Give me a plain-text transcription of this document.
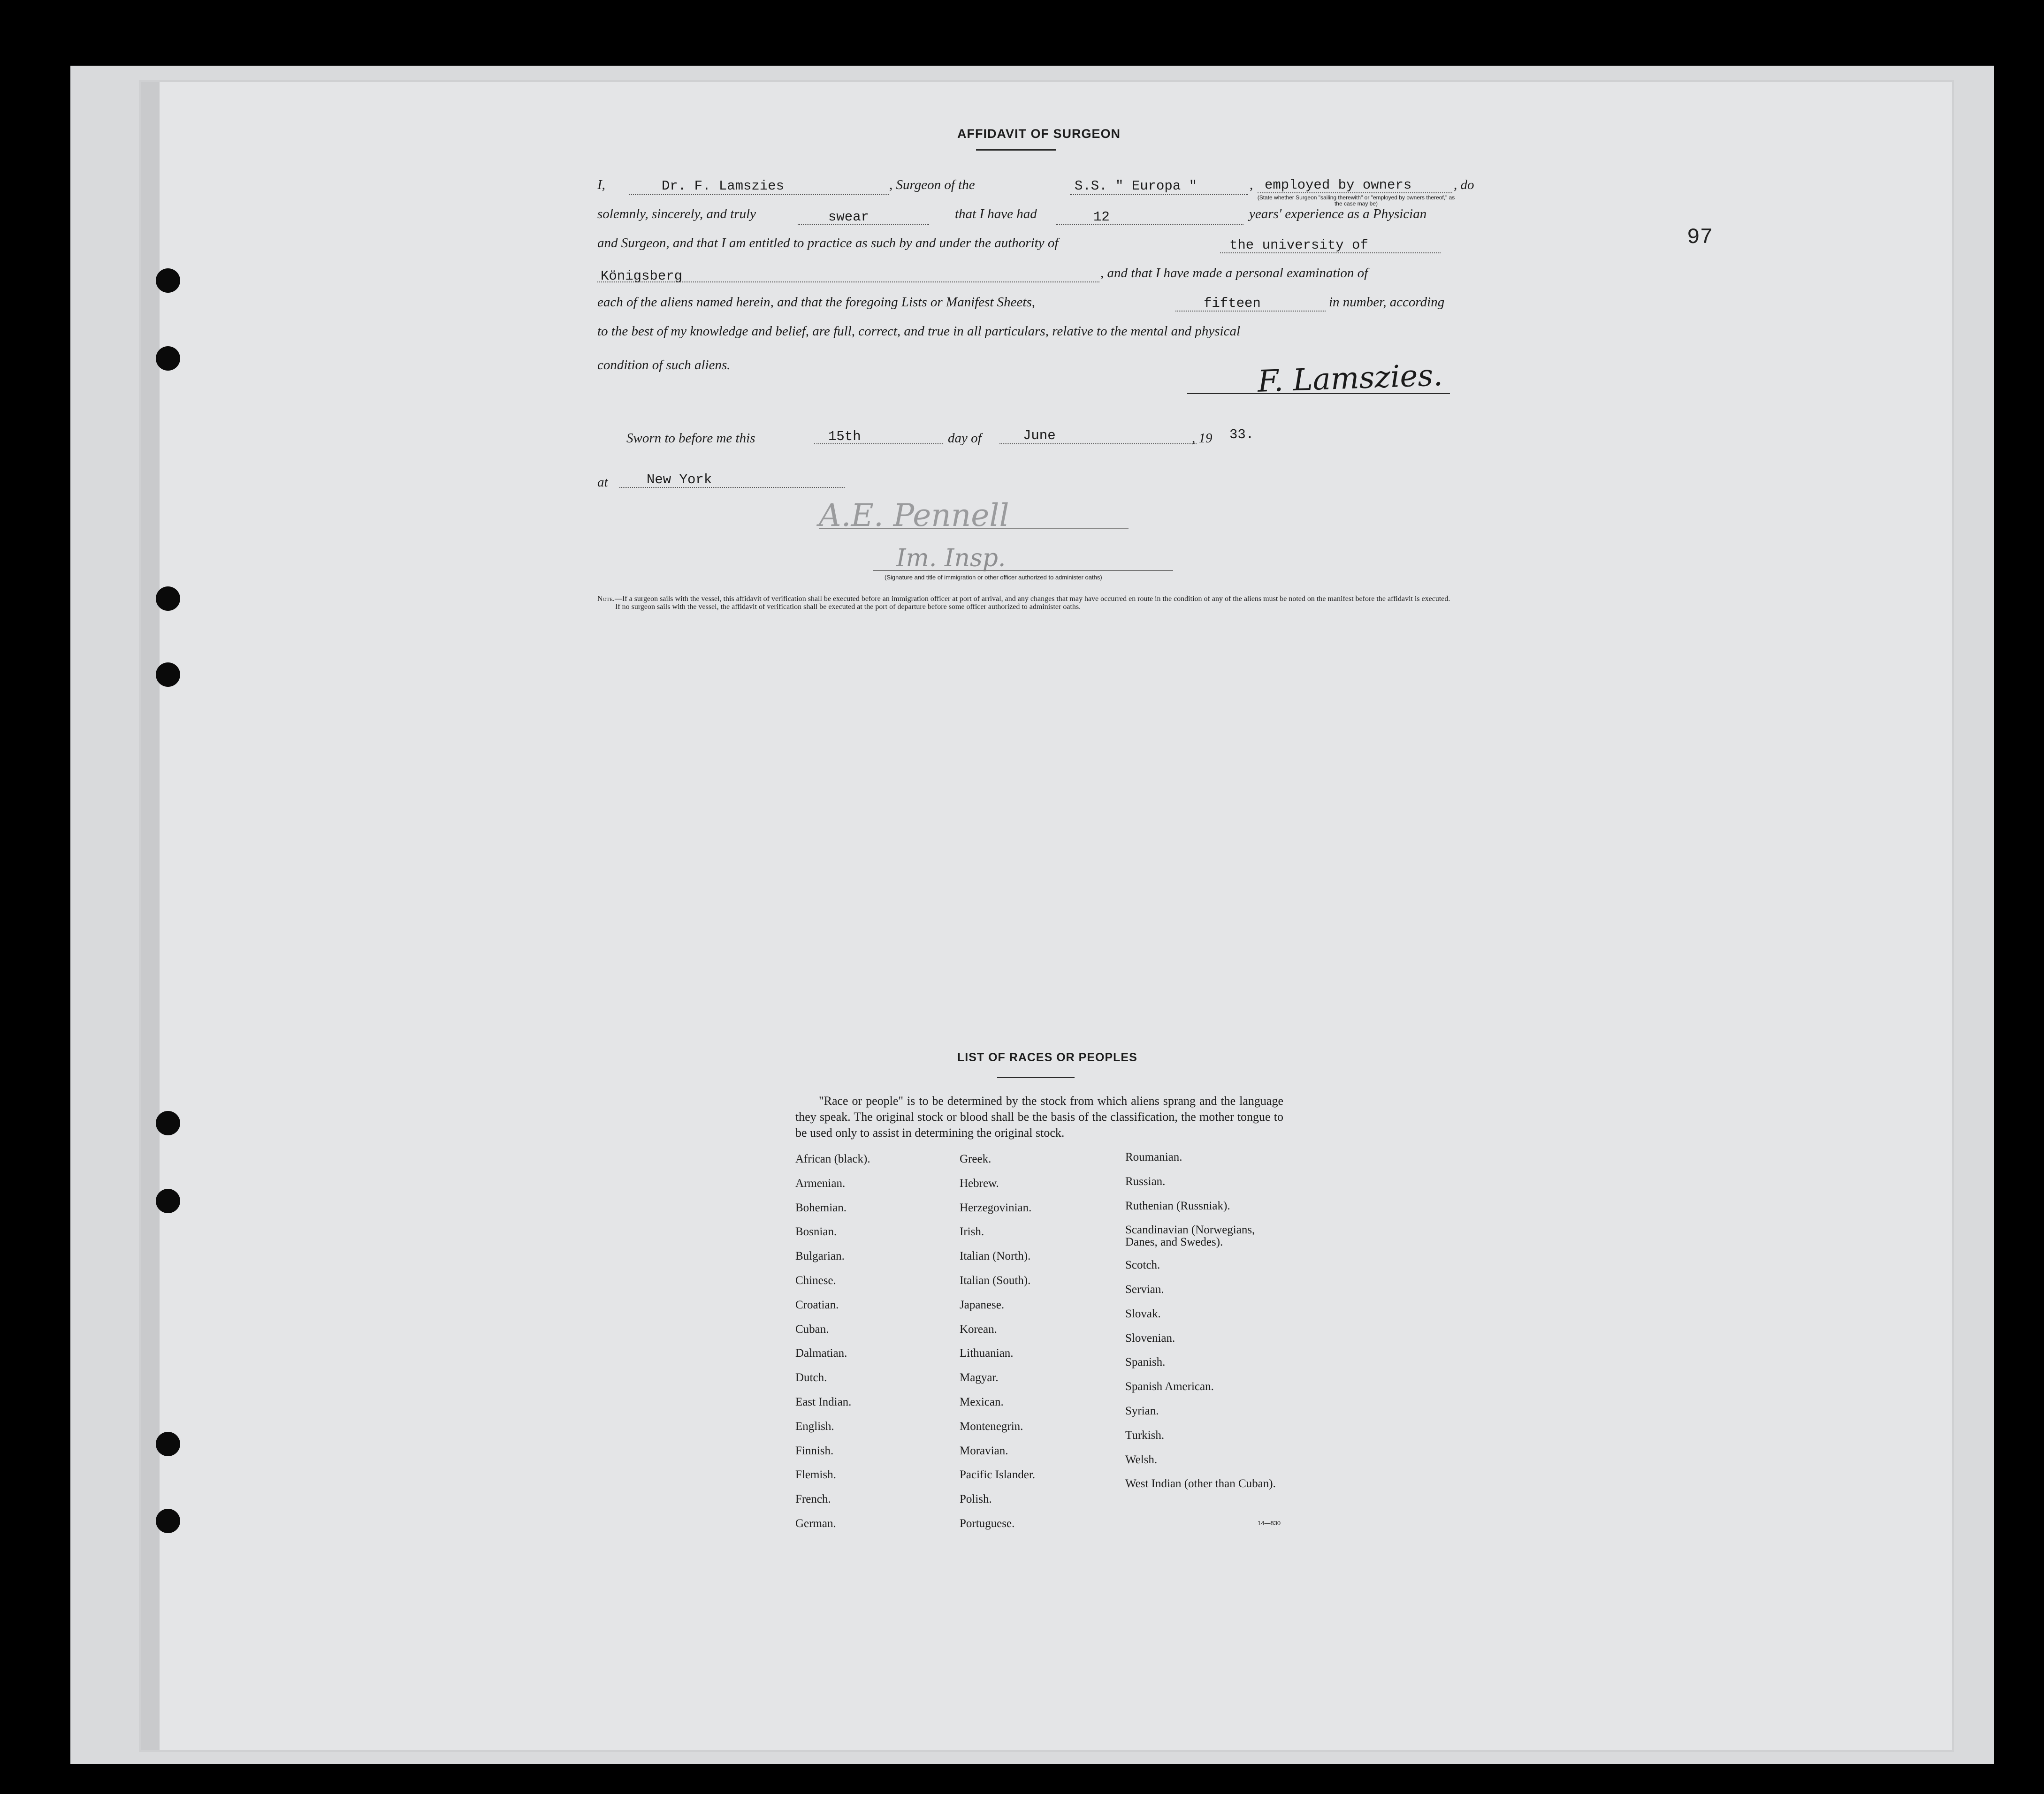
97
AFFIDAVIT OF SURGEON
I,	Dr. F. Lamszies	, Surgeon of the	S.S. " Europa "	, employed by owners	, do
(State whether Surgeon "sailing therewith" or "employed by owners thereof," as the case may be)
solemnly, sincerely, and truly	swear	that I have had	12	years' experience as a Physician
and Surgeon, and that I am entitled to practice as such by and under the authority of	the university of
Königsberg	, and that I have made a personal examination of
each of the aliens named herein, and that the foregoing Lists or Manifest Sheets,	fifteen	in number, according
to the best of my knowledge and belief, are full, correct, and true in all particulars, relative to the mental and physical
condition of such aliens.	F. Lamszies.
Sworn to before me this	15th	day of	June	, 19 33.
at	New York
A.E. Pennell
Im. Insp.
(Signature and title of immigration or other officer authorized to administer oaths)
Note.—If a surgeon sails with the vessel, this affidavit of verification shall be executed before an immigration officer at port of arrival, and any changes that may have occurred en route in the condition of any of the aliens must be noted on the manifest before the affidavit is executed.
If no surgeon sails with the vessel, the affidavit of verification shall be executed at the port of departure before some officer authorized to administer oaths.
LIST OF RACES OR PEOPLES
"Race or people" is to be determined by the stock from which aliens sprang and the language they speak. The original stock or blood shall be the basis of the classification, the mother tongue to be used only to assist in determining the original stock.
African (black).
Armenian.
Bohemian.
Bosnian.
Bulgarian.
Chinese.
Croatian.
Cuban.
Dalmatian.
Dutch.
East Indian.
English.
Finnish.
Flemish.
French.
German.
Greek.
Hebrew.
Herzegovinian.
Irish.
Italian (North).
Italian (South).
Japanese.
Korean.
Lithuanian.
Magyar.
Mexican.
Montenegrin.
Moravian.
Pacific Islander.
Polish.
Portuguese.
Roumanian.
Russian.
Ruthenian (Russniak).
Scandinavian (Norwegians, Danes, and Swedes).
Scotch.
Servian.
Slovak.
Slovenian.
Spanish.
Spanish American.
Syrian.
Turkish.
Welsh.
West Indian (other than Cuban).
14—830
